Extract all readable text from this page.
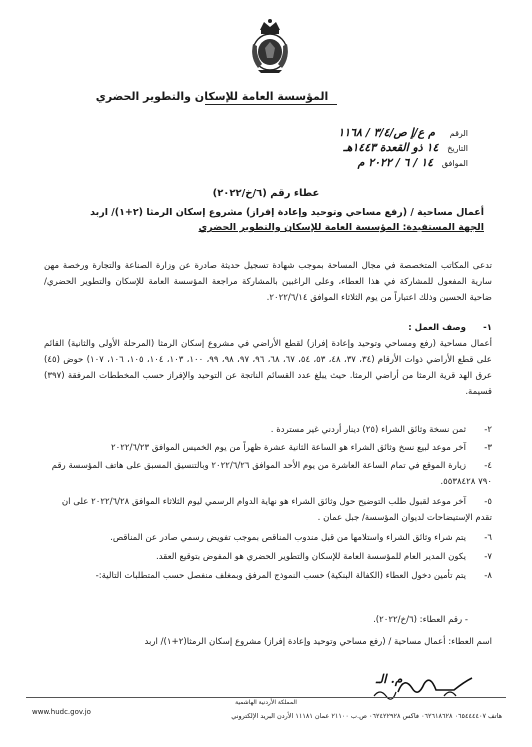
المؤسسة العامة للإسكان والتطوير الحضري
الرقم م ع/إ ص/٣/٤ / ١١٦٨
التاريخ ١٤ ذو القعدة ١٤٤٣هـ
الموافق ١٤ / ٦ / ٢٠٢٢ م
عطاء رقم (٦/خ/٢٠٢٢)
أعمال مساحية / (رفع مساحي وتوحيد وإعادة إفراز) مشروع إسكان الرمثا (٢+١)/ اربد
الجهة المستفيدة: المؤسسة العامة للإسكان والتطوير الحضري
تدعى المكاتب المتخصصة في مجال المساحة بموجب شهادة تسجيل حديثة صادرة عن وزارة الصناعة والتجارة ورخصة مهن سارية المفعول للمشاركة في هذا العطاء، وعلى الراغبين بالمشاركة مراجعة المؤسسة العامة للإسكان والتطوير الحضري/ضاحية الحسين وذلك اعتباراً من يوم الثلاثاء الموافق ٢٠٢٢/٦/١٤.
١-وصف العمل :
أعمال مساحية (رفع ومساحي وتوحيد وإعادة إفراز) لقطع الأراضي في مشروع إسكان الرمثا (المرحلة الأولى والثانية) القائم على قطع الأراضي ذوات الأرقام (٣٤، ٣٧، ٤٨، ٥٣، ٥٤، ٦٧، ٦٨، ٩٦، ٩٧، ٩٨، ٩٩، ١٠٠، ١٠٣، ١٠٤، ١٠٥، ١٠٦، ١٠٧) حوض (٤٥) عرق الهد قرية الرمثا من أراضي الرمثا. حيث يبلغ عدد القسائم الناتجة عن التوحيد والإفراز حسب المخططات المرفقة (٣٩٧) قسيمة.
٢-ثمن نسخة وثائق الشراء (٢٥) دينار أردني غير مستردة .
٣-آخر موعد لبيع نسخ وثائق الشراء هو الساعة الثانية عشرة ظهراً من يوم الخميس الموافق ٢٠٢٢/٦/٢٣
٤-زيارة الموقع في تمام الساعة العاشرة من يوم الأحد الموافق ٢٠٢٢/٦/٢٦ وبالتنسيق المسبق على هاتف المؤسسة رقم ٧٩٠ ٥٥٣٨٤٢٨.
٥-آخر موعد لقبول طلب التوضيح حول وثائق الشراء هو نهاية الدوام الرسمي ليوم الثلاثاء الموافق ٢٠٢٢/٦/٢٨ على ان تقدم الإستيضاحات لديوان المؤسسة/ جبل عمان .
٦-يتم شراء وثائق الشراء واستلامها من قبل مندوب المناقص بموجب تفويض رسمي صادر عن المناقص.
٧-يكون المدير العام للمؤسسة العامة للإسكان والتطوير الحضري هو المفوض بتوقيع العقد.
٨-يتم تأمين دخول العطاء (الكفالة البنكية) حسب النموذج المرفق وبمغلف منفصل حسب المتطلبات التالية:-
- رقم العطاء: (٦/خ/٢٠٢٢).
اسم العطاء: أعمال مساحية / (رفع مساحي وتوحيد وإعادة إفراز) مشروع إسكان الرمثا(٢+١)/ اربد
م. الـ
المملكة الأردنية الهاشمية
www.hudc.gov.jo	هاتف ٠٦٥٤٤٤٤٠٧ ٠٦٢٦١٨٦٢٨ فاكس ٠٦٢٤٢٢٩٢٨ ص.ب ٢١١٠٠ عمان ١١١٨١ الأردن البريد الإلكتروني
